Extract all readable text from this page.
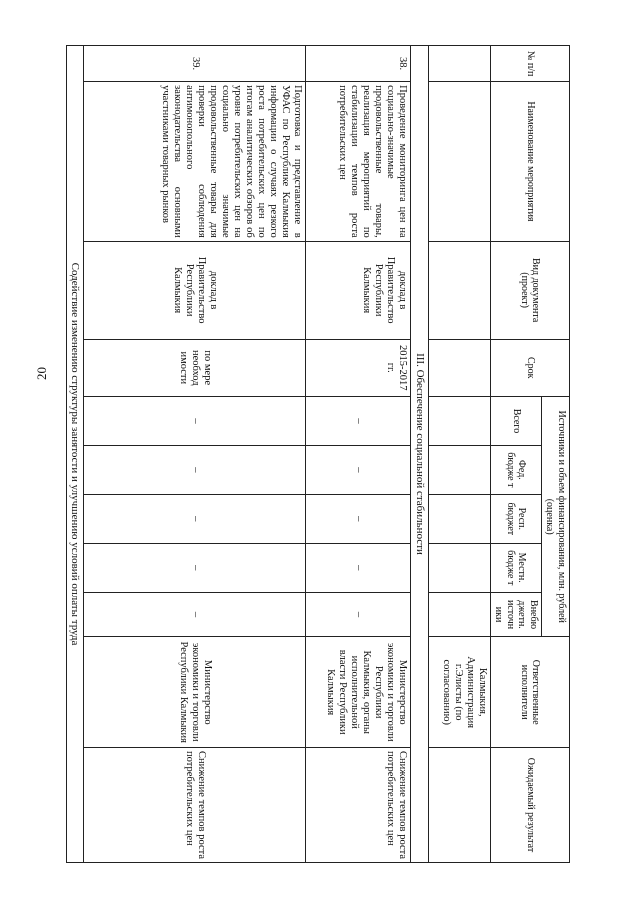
20
№ п/п	Наименование мероприятия	Вид документа (проект)	Срок	Источники и объем финансирования, млн. рублей (оценка)					Ответственные исполнители	Ожидаемый результат
				Всего	Фед. бюдже т	Респ. бюджет	Местн. бюдже т	Внебю джетн. источн ики		
									Калмыкия, Администрация г.Элисты (по согласованию)	
III. Обеспечение социальной стабильности										
38.	Проведение мониторинга цен на социально-значимые продовольственные товары, реализация мероприятий по стабилизации темпов роста потребительских цен	доклад в Правительство Республики Калмыкия	2015-2017 гг.	–	–	–	–	–	Министерство экономики и торговли Республики Калмыкия, органы исполнительной власти Республики Калмыкия	Снижение темпов роста потребительских цен
39.	Подготовка и представление в УФАС по Республике Калмыкия информации о случаях резкого роста потребительских цен по итогам аналитических обзоров об уровне потребительских цен на социально значимые продовольственные товары для проверки соблюдения антимонопольного законодательства основными участниками товарных рынков	доклад в Правительство Республики Калмыкия	по мере необход имости	–	–	–	–	–	Министерство экономики и торговли Республики Калмыкия	Снижение темпов роста потребительских цен
Содействие изменению структуры занятости и улучшению условий оплаты труда										
